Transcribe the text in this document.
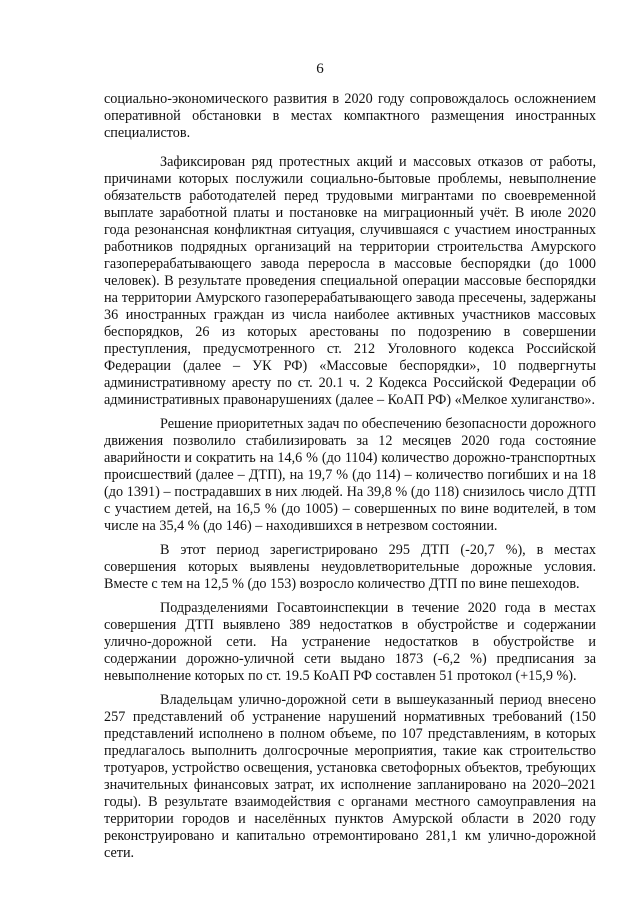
6

социально-экономического развития в 2020 году сопровождалось осложнением оперативной обстановки в местах компактного размещения иностранных специалистов.

Зафиксирован ряд протестных акций и массовых отказов от работы, причинами которых послужили социально-бытовые проблемы, невыполнение обязательств работодателей перед трудовыми мигрантами по своевременной выплате заработной платы и постановке на миграционный учёт. В июле 2020 года резонансная конфликтная ситуация, случившаяся с участием иностранных работников подрядных организаций на территории строительства Амурского газоперерабатывающего завода переросла в массовые беспорядки (до 1000 человек). В результате проведения специальной операции массовые беспорядки на территории Амурского газоперерабатывающего завода пресечены, задержаны 36 иностранных граждан из числа наиболее активных участников массовых беспорядков, 26 из которых арестованы по подозрению в совершении преступления, предусмотренного ст. 212 Уголовного кодекса Российской Федерации (далее – УК РФ) «Массовые беспорядки», 10 подвергнуты административному аресту по ст. 20.1 ч. 2 Кодекса Российской Федерации об административных правонарушениях (далее – КоАП РФ) «Мелкое хулиганство».

Решение приоритетных задач по обеспечению безопасности дорожного движения позволило стабилизировать за 12 месяцев 2020 года состояние аварийности и сократить на 14,6 % (до 1104) количество дорожно-транспортных происшествий (далее – ДТП), на 19,7 % (до 114) – количество погибших и на 18 (до 1391) – пострадавших в них людей. На 39,8 % (до 118) снизилось число ДТП с участием детей, на 16,5 % (до 1005) – совершенных по вине водителей, в том числе на 35,4 % (до 146) – находившихся в нетрезвом состоянии.

В этот период зарегистрировано 295 ДТП (-20,7 %), в местах совершения которых выявлены неудовлетворительные дорожные условия. Вместе с тем на 12,5 % (до 153) возросло количество ДТП по вине пешеходов.

Подразделениями Госавтоинспекции в течение 2020 года в местах совершения ДТП выявлено 389 недостатков в обустройстве и содержании улично-дорожной сети. На устранение недостатков в обустройстве и содержании дорожно-уличной сети выдано 1873 (-6,2 %) предписания за невыполнение которых по ст. 19.5 КоАП РФ составлен 51 протокол (+15,9 %).

Владельцам улично-дорожной сети в вышеуказанный период внесено 257 представлений об устранение нарушений нормативных требований (150 представлений исполнено в полном объеме, по 107 представлениям, в которых предлагалось выполнить долгосрочные мероприятия, такие как строительство тротуаров, устройство освещения, установка светофорных объектов, требующих значительных финансовых затрат, их исполнение запланировано на 2020–2021 годы). В результате взаимодействия с органами местного самоуправления на территории городов и населённых пунктов Амурской области в 2020 году реконструировано и капитально отремонтировано 281,1 км улично-дорожной сети.
